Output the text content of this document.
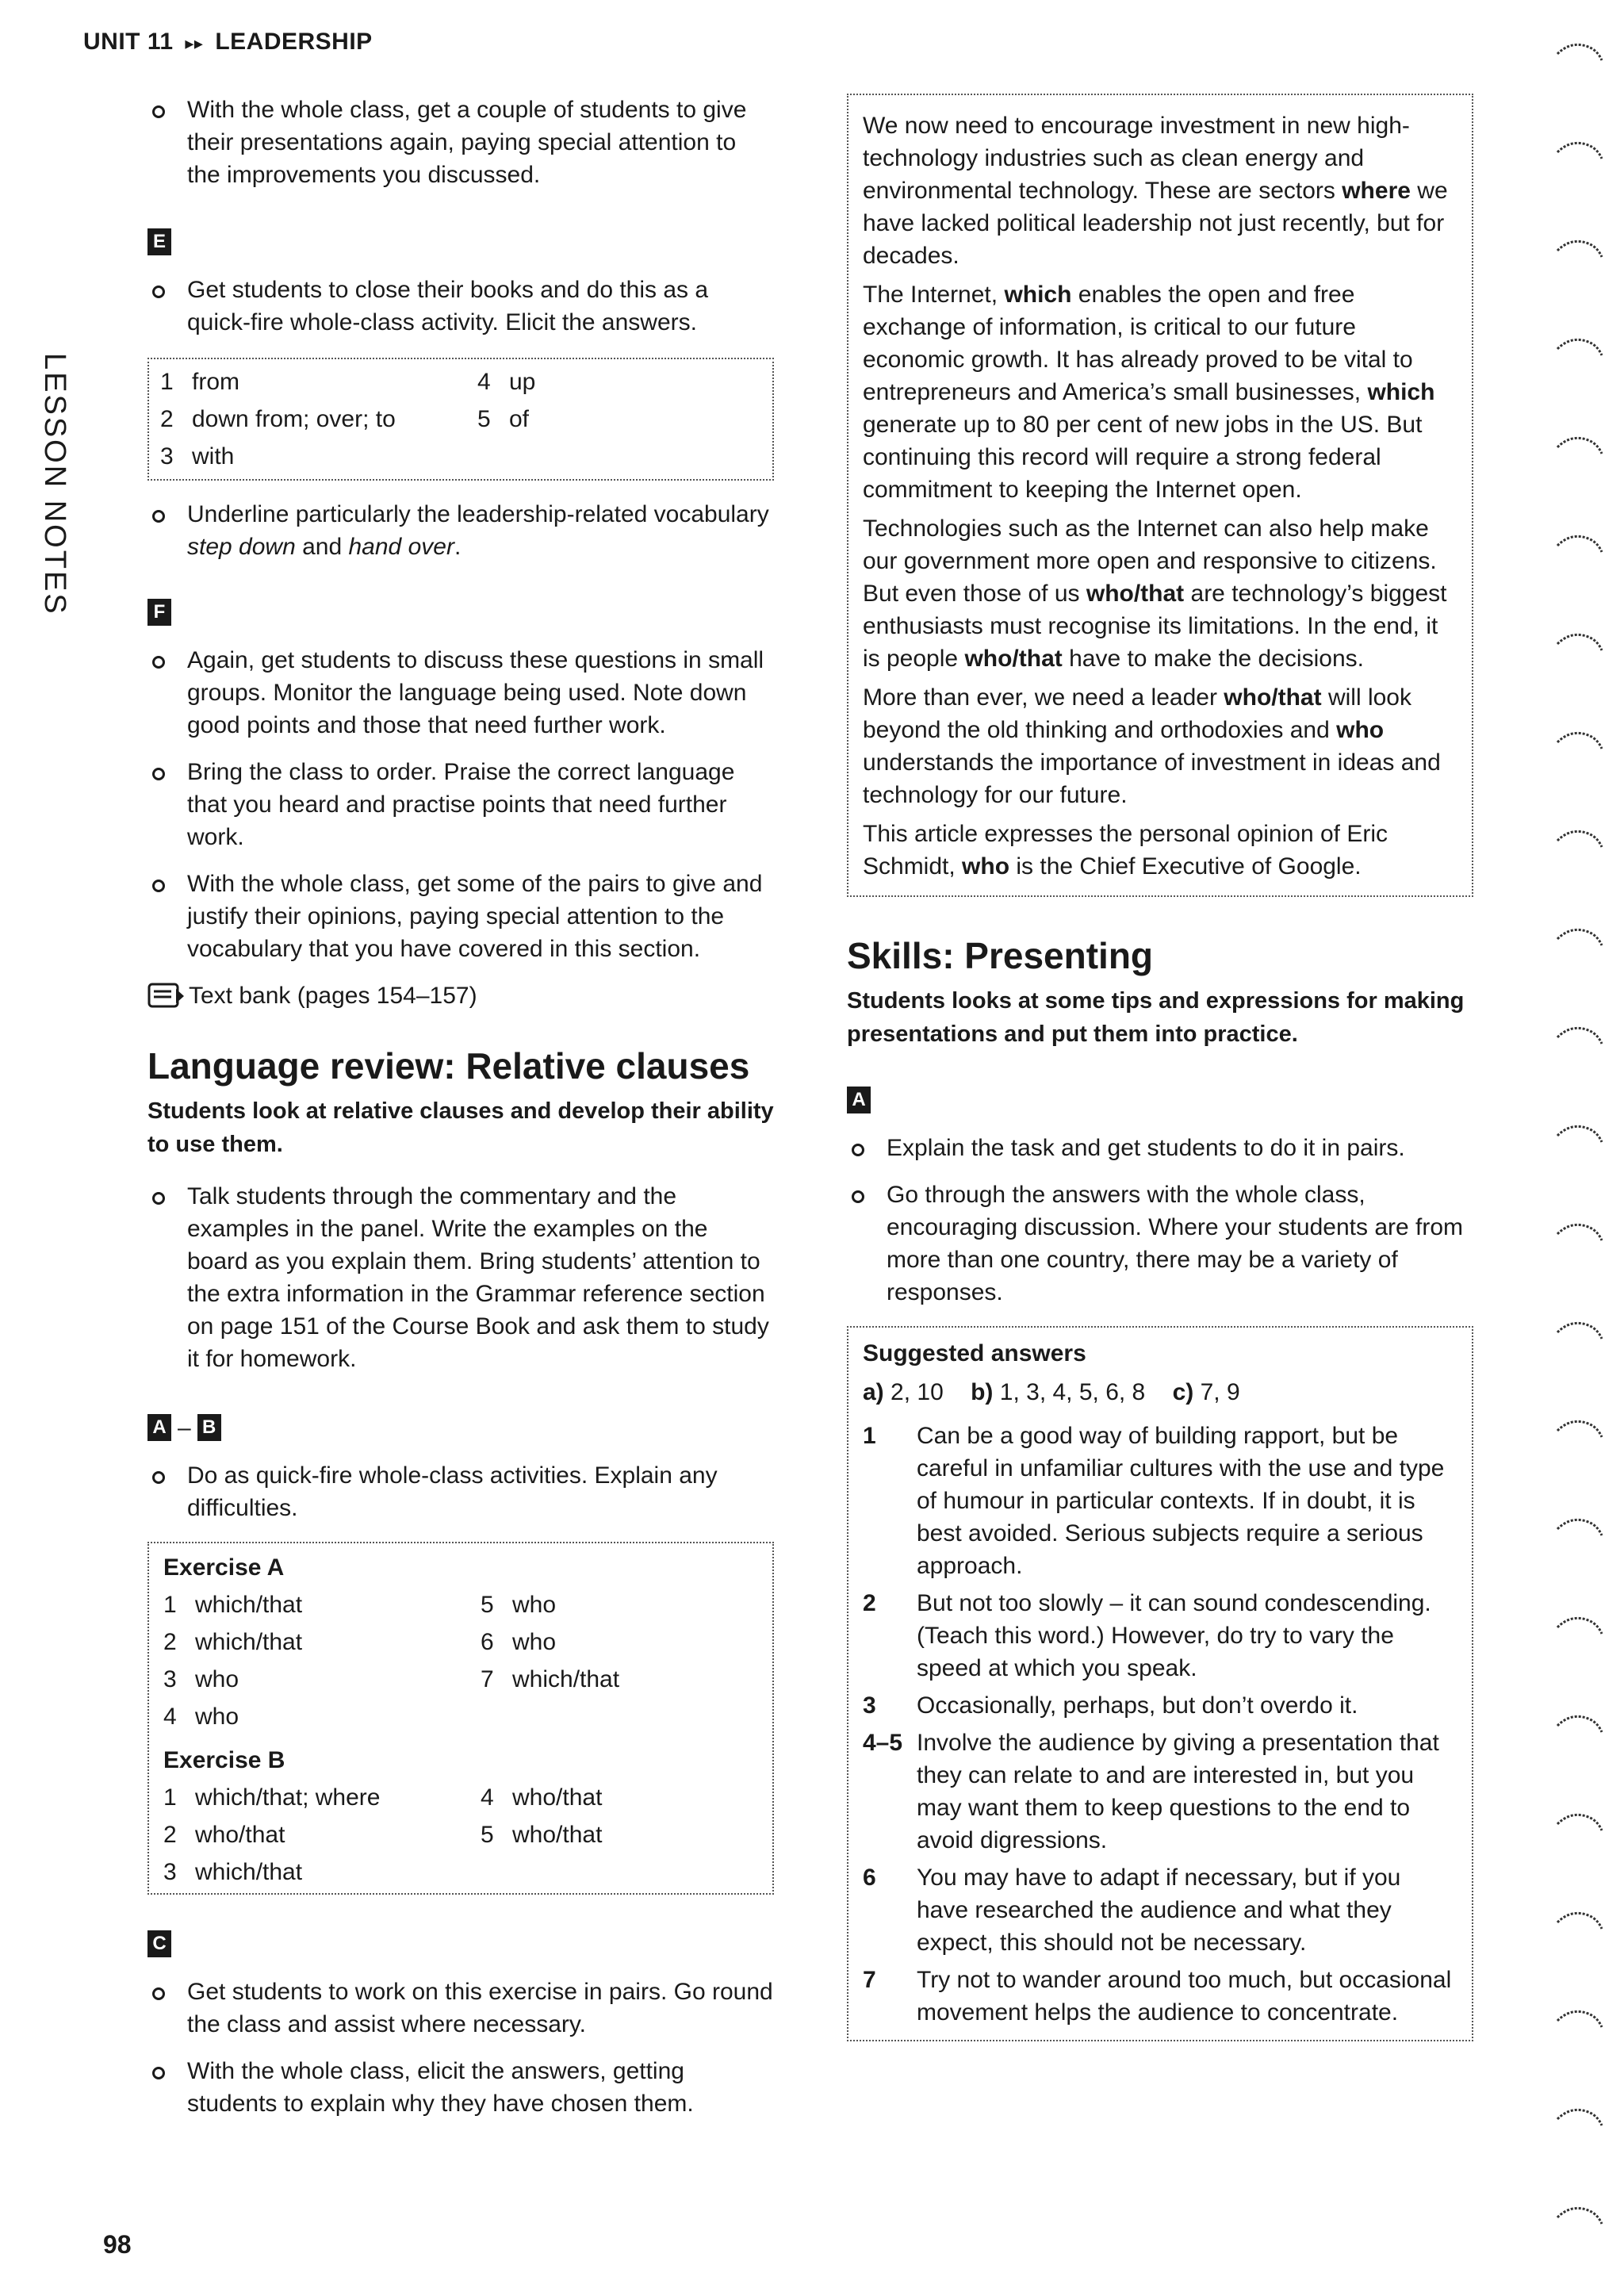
UNIT 11 ▸▸ LEADERSHIP
LESSON NOTES

With the whole class, get a couple of students to give their presentations again, paying special attention to the improvements you discussed.

E

Get students to close their books and do this as a quick-fire whole-class activity. Elicit the answers.

1 from	4 up
2 down from; over; to	5 of
3 with

Underline particularly the leadership-related vocabulary step down and hand over.

F

Again, get students to discuss these questions in small groups. Monitor the language being used. Note down good points and those that need further work.

Bring the class to order. Praise the correct language that you heard and practise points that need further work.

With the whole class, get some of the pairs to give and justify their opinions, paying special attention to the vocabulary that you have covered in this section.

Text bank (pages 154–157)
Language review: Relative clauses
Students look at relative clauses and develop their ability to use them.

Talk students through the commentary and the examples in the panel. Write the examples on the board as you explain them. Bring students’ attention to the extra information in the Grammar reference section on page 151 of the Course Book and ask them to study it for homework.

A – B

Do as quick-fire whole-class activities. Explain any difficulties.

Exercise A
1 which/that	5 who
2 which/that	6 who
3 who	7 which/that
4 who
Exercise B
1 which/that; where	4 who/that
2 who/that	5 who/that
3 which/that
C

Get students to work on this exercise in pairs. Go round the class and assist where necessary.

With the whole class, elicit the answers, getting students to explain why they have chosen them.

We now need to encourage investment in new high-technology industries such as clean energy and environmental technology. These are sectors where we have lacked political leadership not just recently, but for decades.

The Internet, which enables the open and free exchange of information, is critical to our future economic growth. It has already proved to be vital to entrepreneurs and America’s small businesses, which generate up to 80 per cent of new jobs in the US. But continuing this record will require a strong federal commitment to keeping the Internet open.

Technologies such as the Internet can also help make our government more open and responsive to citizens. But even those of us who/that are technology’s biggest enthusiasts must recognise its limitations. In the end, it is people who/that have to make the decisions.

More than ever, we need a leader who/that will look beyond the old thinking and orthodoxies and who understands the importance of investment in ideas and technology for our future.

This article expresses the personal opinion of Eric Schmidt, who is the Chief Executive of Google.

Skills: Presenting
Students looks at some tips and expressions for making presentations and put them into practice.
A

Explain the task and get students to do it in pairs.

Go through the answers with the whole class, encouraging discussion. Where your students are from more than one country, there may be a variety of responses.

Suggested answers
a) 2, 10 b) 1, 3, 4, 5, 6, 8 c) 7, 9
1	Can be a good way of building rapport, but be careful in unfamiliar cultures with the use and type of humour in particular contexts. If in doubt, it is best avoided. Serious subjects require a serious approach.
2	But not too slowly – it can sound condescending. (Teach this word.) However, do try to vary the speed at which you speak.
3	Occasionally, perhaps, but don’t overdo it.
4–5 Involve the audience by giving a presentation that they can relate to and are interested in, but you may want them to keep questions to the end to avoid digressions.
6	You may have to adapt if necessary, but if you have researched the audience and what they expect, this should not be necessary.
7	Try not to wander around too much, but occasional movement helps the audience to concentrate.
98
